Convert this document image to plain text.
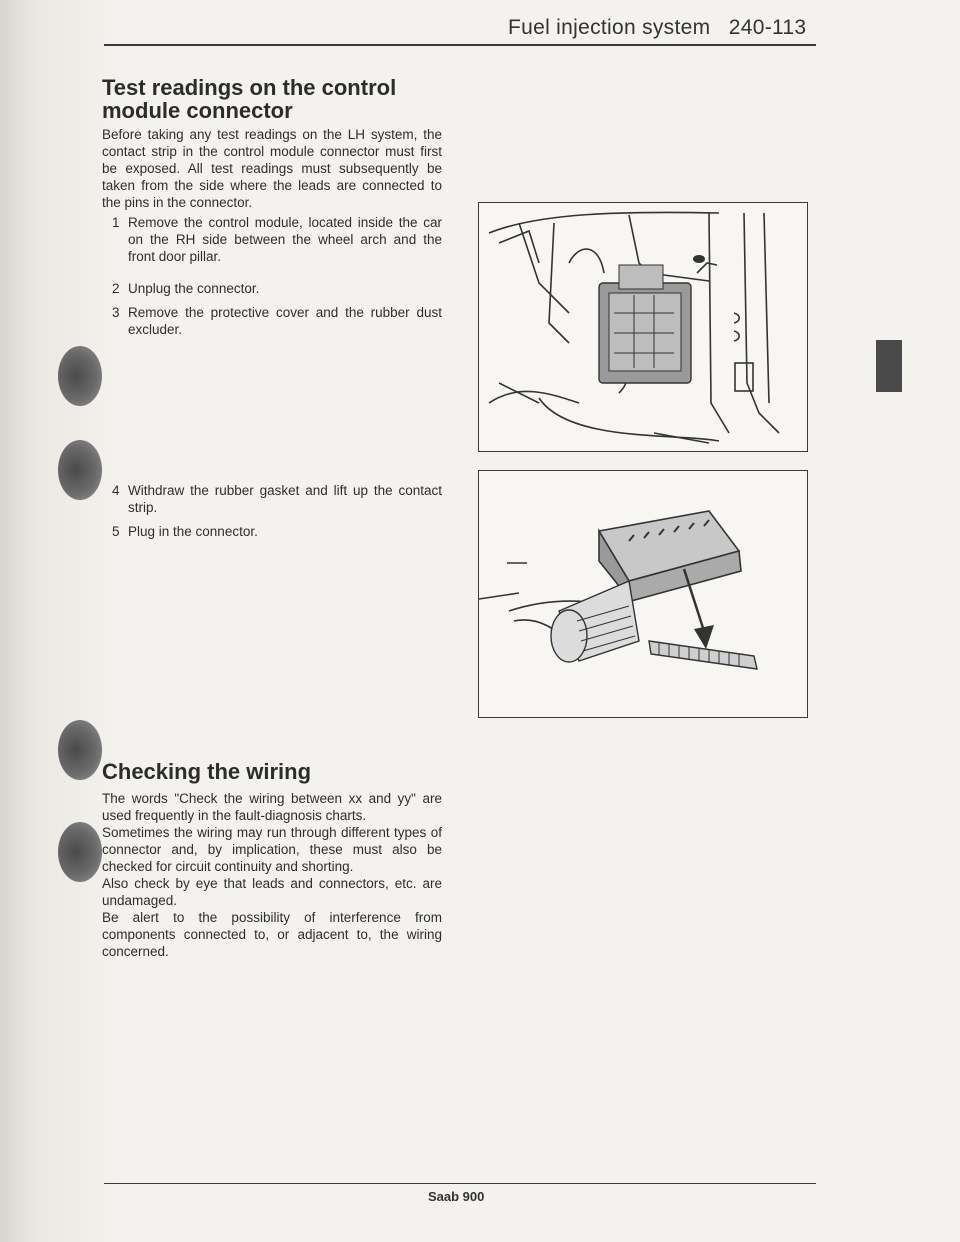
Fuel injection system   240-113
Test readings on the control
module connector

Before taking any test readings on the LH system, the contact strip in the control module connector must first be exposed. All test readings must subsequently be taken from the side where the leads are connected to the pins in the connector.

1 Remove the control module, located inside the car on the RH side between the wheel arch and the front door pillar.
2 Unplug the connector.
3 Remove the protective cover and the rubber dust excluder.
4 Withdraw the rubber gasket and lift up the contact strip.
5 Plug in the connector.
Checking the wiring

The words "Check the wiring between xx and yy" are used frequently in the fault-diagnosis charts.

Sometimes the wiring may run through different types of connector and, by implication, these must also be checked for circuit continuity and shorting.

Also check by eye that leads and connectors, etc. are undamaged.

Be alert to the possibility of interference from components connected to, or adjacent to, the wiring concerned.

Saab 900
